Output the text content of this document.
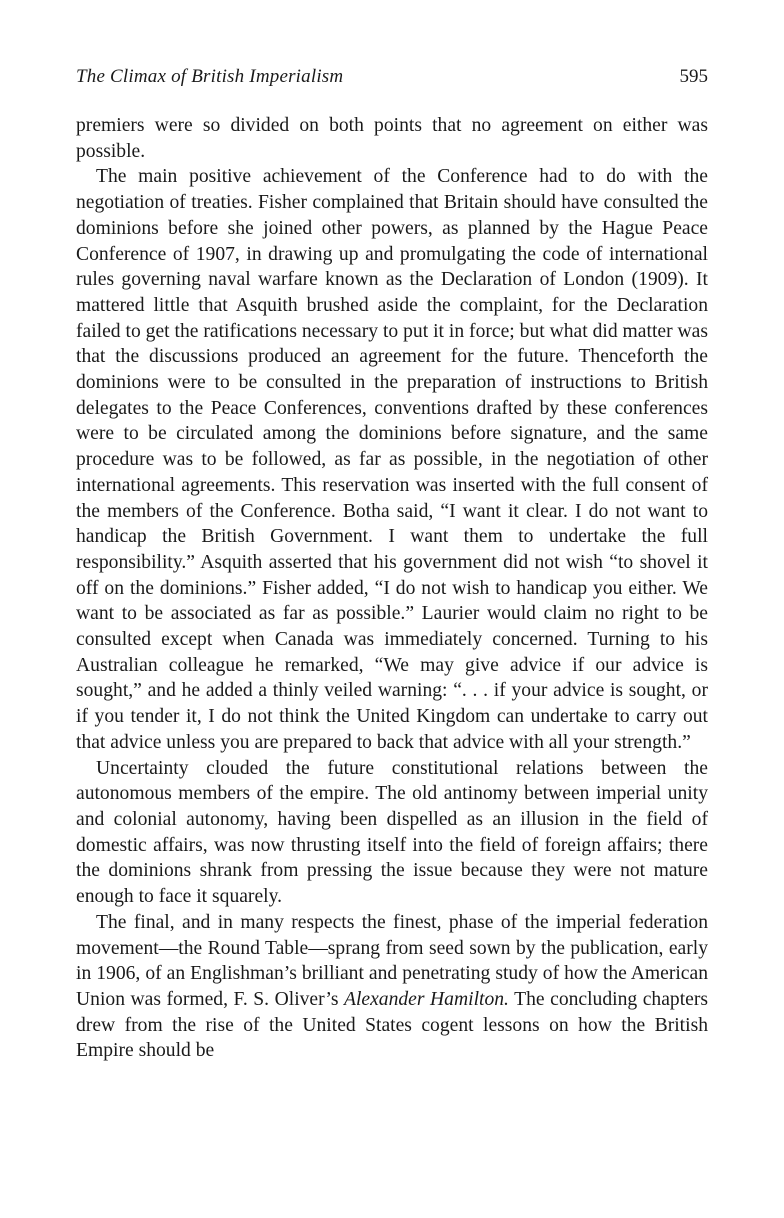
The Climax of British Imperialism	595

premiers were so divided on both points that no agreement on either was possible.

The main positive achievement of the Conference had to do with the negotiation of treaties. Fisher complained that Britain should have consulted the dominions before she joined other powers, as planned by the Hague Peace Conference of 1907, in drawing up and promulgating the code of international rules governing naval warfare known as the Declaration of London (1909). It mattered little that Asquith brushed aside the complaint, for the Declaration failed to get the ratifications necessary to put it in force; but what did matter was that the discussions produced an agreement for the future. Thenceforth the dominions were to be consulted in the preparation of instructions to British delegates to the Peace Conferences, conventions drafted by these conferences were to be circulated among the dominions before signature, and the same procedure was to be followed, as far as possible, in the negotiation of other international agreements. This reservation was inserted with the full consent of the members of the Conference. Botha said, “I want it clear. I do not want to handicap the British Government. I want them to undertake the full responsibility.” Asquith asserted that his government did not wish “to shovel it off on the dominions.” Fisher added, “I do not wish to handicap you either. We want to be associated as far as possible.” Laurier would claim no right to be consulted except when Canada was immediately concerned. Turning to his Australian colleague he remarked, “We may give advice if our advice is sought,” and he added a thinly veiled warning: “. . . if your advice is sought, or if you tender it, I do not think the United Kingdom can undertake to carry out that advice unless you are prepared to back that advice with all your strength.”

Uncertainty clouded the future constitutional relations between the autonomous members of the empire. The old antinomy between imperial unity and colonial autonomy, having been dispelled as an illusion in the field of domestic affairs, was now thrusting itself into the field of foreign affairs; there the dominions shrank from pressing the issue because they were not mature enough to face it squarely.

The final, and in many respects the finest, phase of the imperial federation movement—the Round Table—sprang from seed sown by the publication, early in 1906, of an Englishman’s brilliant and penetrating study of how the American Union was formed, F. S. Oliver’s Alexander Hamilton. The concluding chapters drew from the rise of the United States cogent lessons on how the British Empire should be
